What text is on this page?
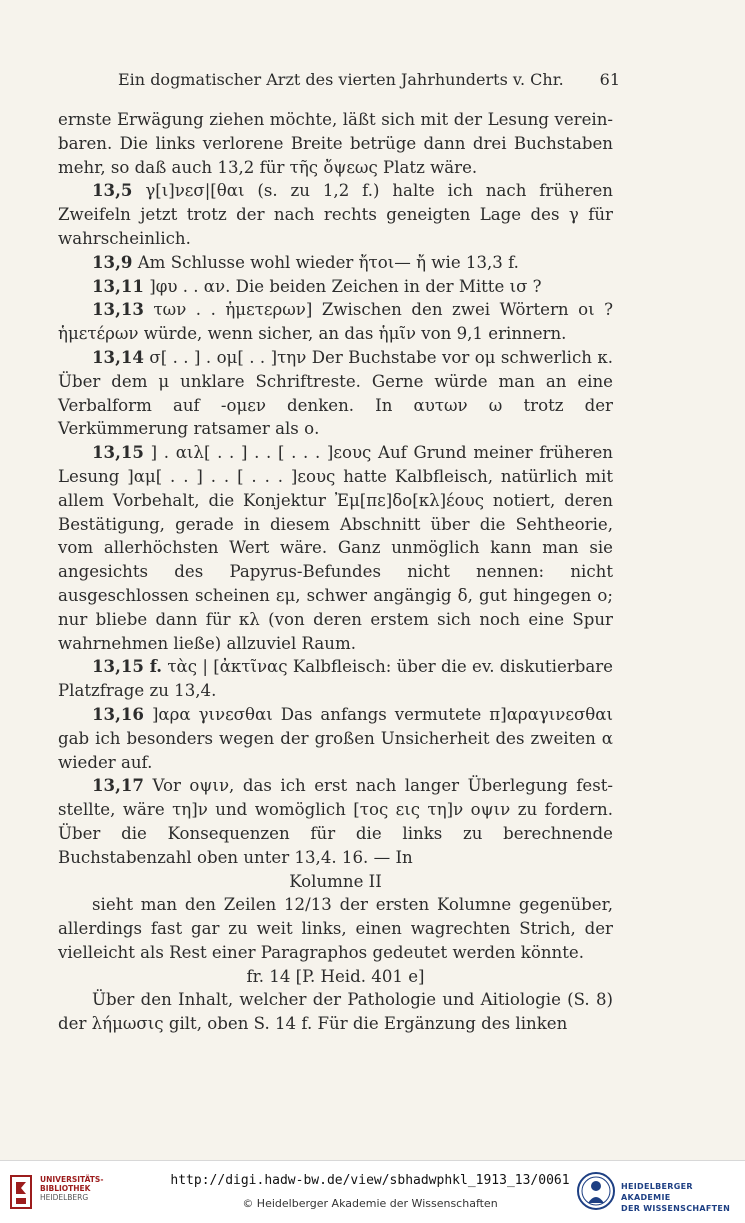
Ein dogmatischer Arzt des vierten Jahrhunderts v. Chr. 61

ernste Erwägung ziehen möchte, läßt sich mit der Lesung vereinbaren. Die links verlorene Breite betrüge dann drei Buchstaben mehr, so daß auch 13,2 für τῆς ὄψεως Platz wäre.

13,5 γ[ι]νεσ|[θαι (s. zu 1,2 f.) halte ich nach früheren Zweifeln jetzt trotz der nach rechts geneigten Lage des γ für wahrscheinlich.

13,9 Am Schlusse wohl wieder ἤτοι— ἤ wie 13,3 f.

13,11 ]φυ . . αν. Die beiden Zeichen in der Mitte ισ ?

13,13 των . . ἡμετερων] Zwischen den zwei Wörtern οι ? ἡμετέρων würde, wenn sicher, an das ἡμῖν von 9,1 erinnern.

13,14 σ[ . . ] . ομ[ . . ]την Der Buchstabe vor ομ schwerlich κ. Über dem μ unklare Schriftreste. Gerne würde man an eine Verbalform auf -ομεν denken. In αυτων ω trotz der Verkümmerung ratsamer als ο.

13,15 ] . αιλ[ . . ] . . [ . . . ]εους Auf Grund meiner früheren Lesung ]αμ[ . . ] . . [ . . . ]εους hatte Kalbfleisch, natürlich mit allem Vorbehalt, die Konjektur Ἐμ[πε]δο[κλ]έους notiert, deren Bestätigung, gerade in diesem Abschnitt über die Sehtheorie, vom allerhöchsten Wert wäre. Ganz unmöglich kann man sie angesichts des Papyrus-Befundes nicht nennen: nicht ausgeschlossen scheinen εμ, schwer angängig δ, gut hingegen ο; nur bliebe dann für κλ (von deren erstem sich noch eine Spur wahrnehmen ließe) allzuviel Raum.

13,15 f. τὰς | [ἀκτῖνας Kalbfleisch: über die ev. diskutierbare Platzfrage zu 13,4.

13,16 ]αρα γινεσθαι Das anfangs vermutete π]αραγινεσθαι gab ich besonders wegen der großen Unsicherheit des zweiten α wieder auf.

13,17 Vor οψιν, das ich erst nach langer Überlegung feststellte, wäre τη]ν und womöglich [τος εις τη]ν οψιν zu fordern. Über die Konsequenzen für die links zu berechnende Buchstabenzahl oben unter 13,4. 16. — In

Kolumne II

sieht man den Zeilen 12/13 der ersten Kolumne gegenüber, allerdings fast gar zu weit links, einen wagrechten Strich, der vielleicht als Rest einer Paragraphos gedeutet werden könnte.

fr. 14 [P. Heid. 401 e]

Über den Inhalt, welcher der Pathologie und Aitiologie (S. 8) der λήμωσις gilt, oben S. 14 f. Für die Ergänzung des linken

UNIVERSITÄTS-
BIBLIOTHEK
HEIDELBERG
http://digi.hadw-bw.de/view/sbhadwphkl_1913_13/0061
© Heidelberger Akademie der Wissenschaften
HEIDELBERGER AKADEMIE
DER WISSENSCHAFTEN
